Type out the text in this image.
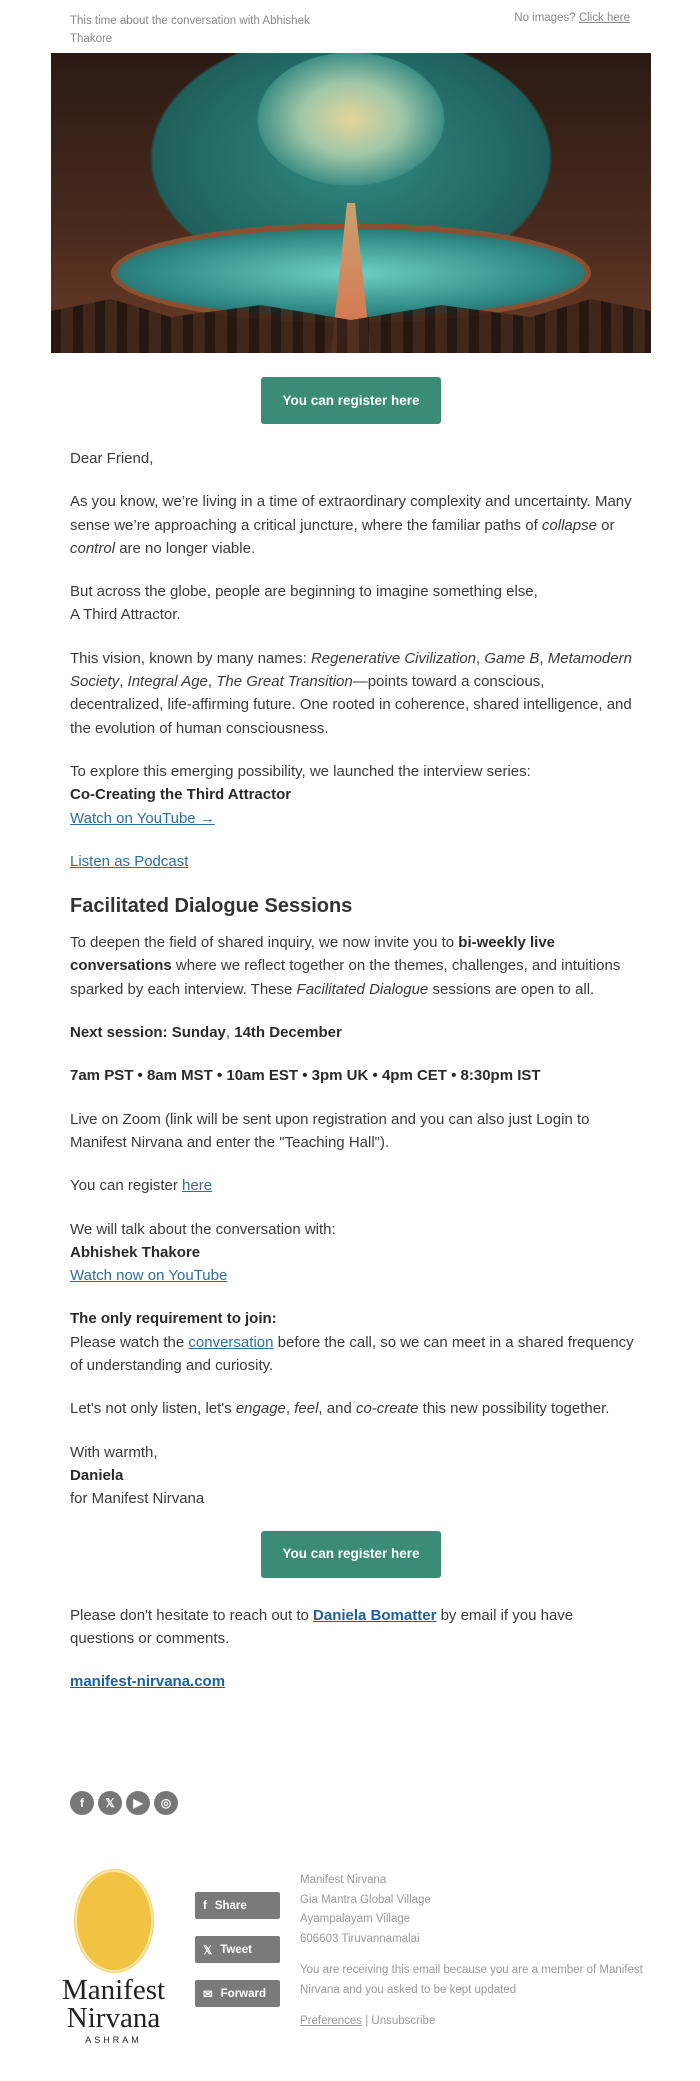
This time about the conversation with Abhishek Thakore
No images? Click here
You can register here

Dear Friend,

As you know, we’re living in a time of extraordinary complexity and uncertainty. Many sense we’re approaching a critical juncture, where the familiar paths of collapse or control are no longer viable.

But across the globe, people are beginning to imagine something else,
A Third Attractor.

This vision, known by many names: Regenerative Civilization, Game B, Metamodern Society, Integral Age, The Great Transition—points toward a conscious, decentralized, life-affirming future. One rooted in coherence, shared intelligence, and the evolution of human consciousness.

To explore this emerging possibility, we launched the interview series:
Co-Creating the Third Attractor
Watch on YouTube →

Listen as Podcast

Facilitated Dialogue Sessions

To deepen the field of shared inquiry, we now invite you to bi-weekly live conversations where we reflect together on the themes, challenges, and intuitions sparked by each interview. These Facilitated Dialogue sessions are open to all.

Next session: Sunday, 14th December

7am PST • 8am MST • 10am EST • 3pm UK • 4pm CET • 8:30pm IST

Live on Zoom (link will be sent upon registration and you can also just Login to Manifest Nirvana and enter the "Teaching Hall").

You can register here

We will talk about the conversation with:
Abhishek Thakore
Watch now on YouTube

The only requirement to join:
Please watch the conversation before the call, so we can meet in a shared frequency of understanding and curiosity.

Let's not only listen, let's engage, feel, and co-create this new possibility together.

With warmth,
Daniela
for Manifest Nirvana

You can register here

Please don't hesitate to reach out to Daniela Bomatter by email if you have questions or comments.

manifest-nirvana.com

f	𝕏	▶	◎
Manifest
Nirvana
ASHRAM
f Share
𝕏 Tweet
✉ Forward
Manifest Nirvana
Gia Mantra Global Village
Ayampalayam Village
606603 Tiruvannamalai
You are receiving this email because you are a member of Manifest Nirvana and you asked to be kept updated
Preferences | Unsubscribe
